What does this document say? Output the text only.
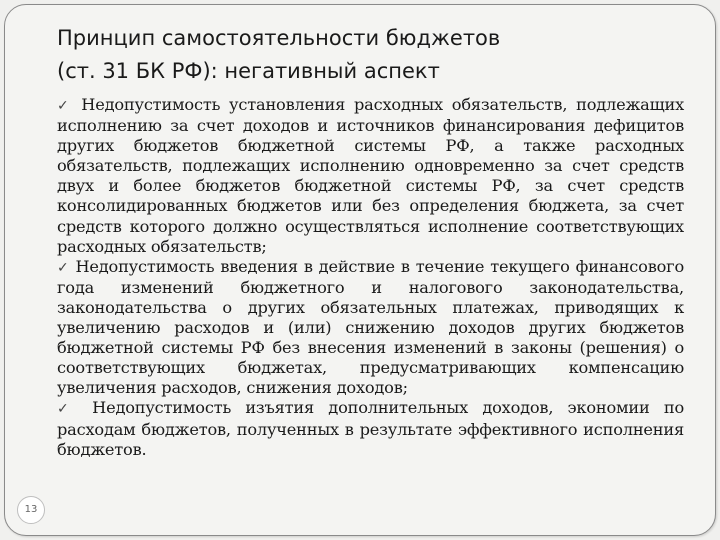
Принцип самостоятельности бюджетов
(ст. 31 БК РФ): негативный аспект

✓ Недопустимость установления расходных обязательств, подлежащих исполнению за счет доходов и источников финансирования дефицитов других бюджетов бюджетной системы РФ, а также расходных обязательств, подлежащих исполнению одновременно за счет средств двух и более бюджетов бюджетной системы РФ, за счет средств консолидированных бюджетов или без определения бюджета, за счет средств которого должно осуществляться исполнение соответствующих расходных обязательств;

✓ Недопустимость введения в действие в течение текущего финансового года изменений бюджетного и налогового законодательства, законодательства о других обязательных платежах, приводящих к увеличению расходов и (или) снижению доходов других бюджетов бюджетной системы РФ без внесения изменений в законы (решения) о соответствующих бюджетах, предусматривающих компенсацию увеличения расходов, снижения доходов;

✓ Недопустимость изъятия дополнительных доходов, экономии по расходам бюджетов, полученных в результате эффективного исполнения бюджетов.

13
